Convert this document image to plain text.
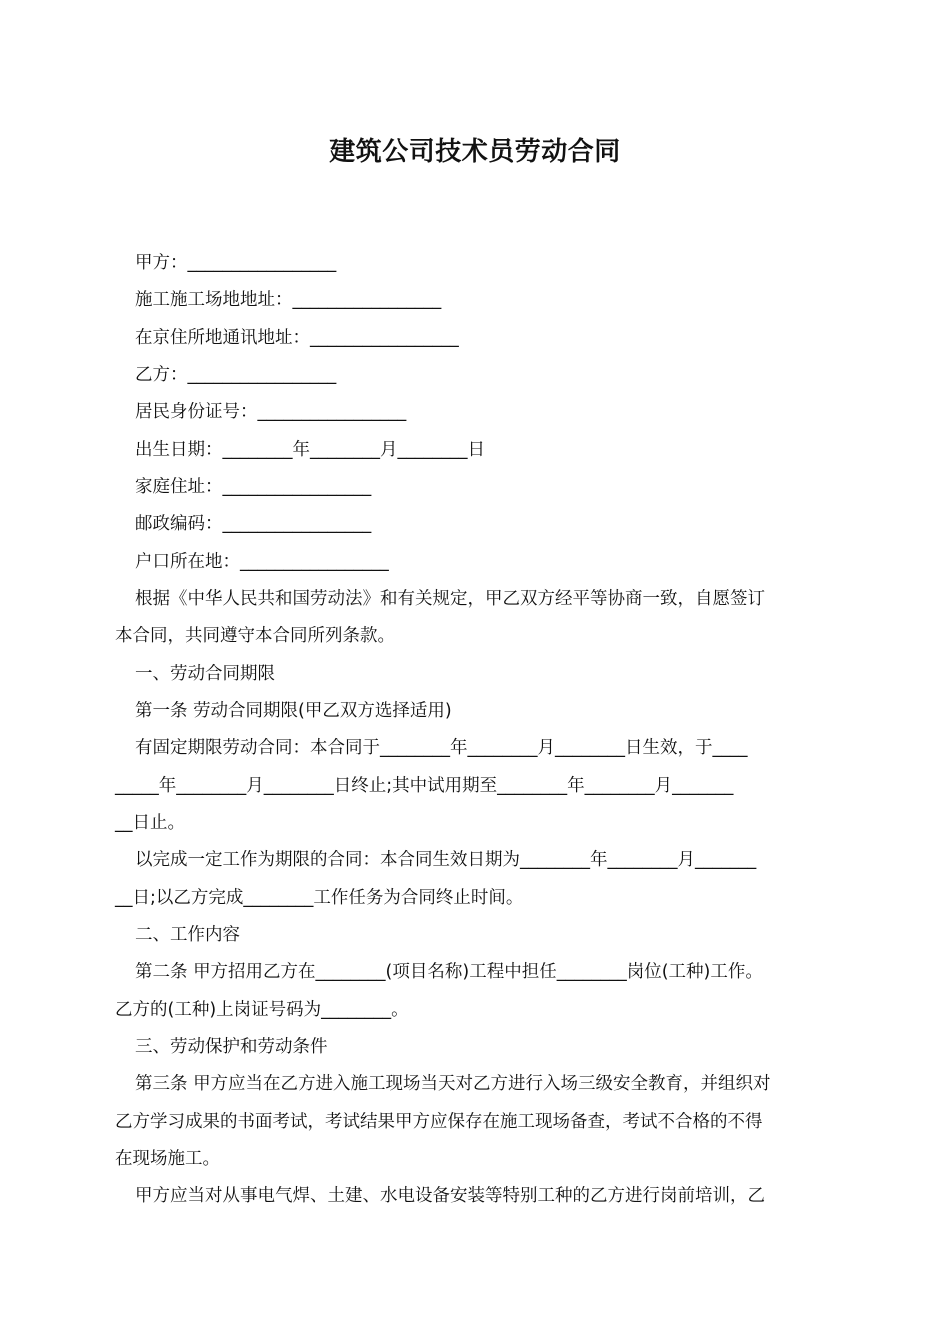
建筑公司技术员劳动合同
甲方：_________________
施工施工场地地址：_________________
在京住所地通讯地址：_________________
乙方：_________________
居民身份证号：_________________
出生日期：________年________月________日
家庭住址：_________________
邮政编码：_________________
户口所在地：_________________
根据《中华人民共和国劳动法》和有关规定，甲乙双方经平等协商一致，自愿签订
本合同，共同遵守本合同所列条款。
一、劳动合同期限
第一条 劳动合同期限(甲乙双方选择适用)
有固定期限劳动合同：本合同于________年________月________日生效，于____
_____年________月________日终止;其中试用期至________年________月_______
__日止。
以完成一定工作为期限的合同：本合同生效日期为________年________月_______
__日;以乙方完成________工作任务为合同终止时间。
二、工作内容
第二条 甲方招用乙方在________(项目名称)工程中担任________岗位(工种)工作。
乙方的(工种)上岗证号码为________。
三、劳动保护和劳动条件
第三条 甲方应当在乙方进入施工现场当天对乙方进行入场三级安全教育，并组织对
乙方学习成果的书面考试，考试结果甲方应保存在施工现场备查，考试不合格的不得
在现场施工。
甲方应当对从事电气焊、土建、水电设备安装等特别工种的乙方进行岗前培训，乙
